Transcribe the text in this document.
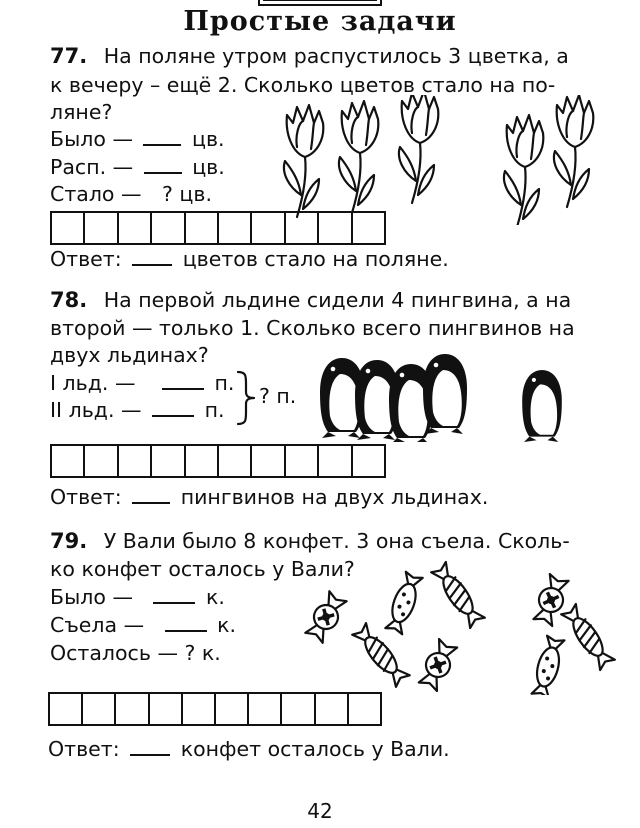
Простые задачи
77. На поляне утром распустилось 3 цветка, а
к вечеру – ещё 2. Сколько цветов стало на по-
ляне?
Было —	цв.
Расп. —	цв.
Стало — ? цв.
Ответ:	цветов стало на поляне.
78. На первой льдине сидели 4 пингвина, а на
второй — только 1. Сколько всего пингвинов на
двух льдинах?
I льд. —	п.
II льд. —	п.
? п.
Ответ:	пингвинов на двух льдинах.
79. У Вали было 8 конфет. 3 она съела. Сколь-
ко конфет осталось у Вали?
Было —	к.
Съела —	к.
Осталось — ? к.
Ответ:	конфет осталось у Вали.
42
